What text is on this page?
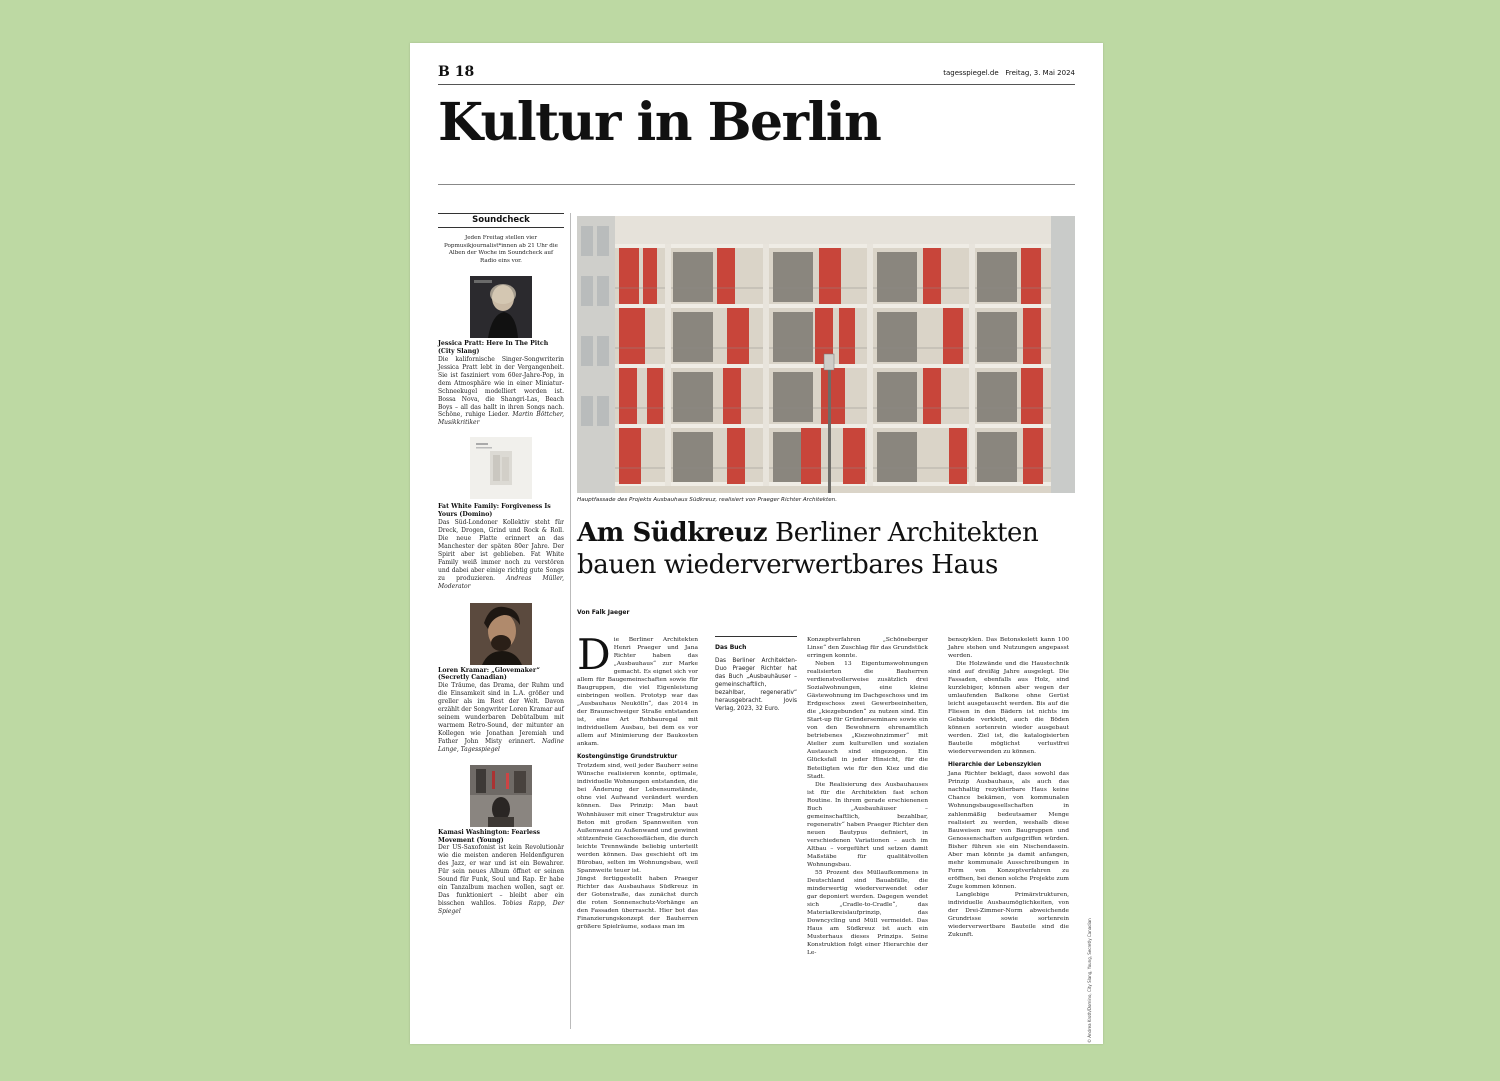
B 18	tagesspiegel.de Freitag, 3. Mai 2024
Kultur in Berlin
Soundcheck
Jeden Freitag stellen vier Popmusikjournalist*innen ab 21 Uhr die Alben der Woche im Soundcheck auf Radio eins vor.

Jessica Pratt: Here In The Pitch (City Slang)

Die kalifornische Singer-Songwriterin Jessica Pratt lebt in der Vergangenheit. Sie ist fasziniert vom 60er-Jahre-Pop, in dem Atmosphäre wie in einer Miniatur-Schneekugel modelliert worden ist. Bossa Nova, die Shangri-Las, Beach Boys – all das hallt in ihren Songs nach. Schöne, ruhige Lieder. Martin Böttcher, Musikkritiker

Fat White Family: Forgiveness Is Yours (Domino)

Das Süd-Londoner Kollektiv steht für Dreck, Drogen, Grind und Rock & Roll. Die neue Platte erinnert an das Manchester der späten 80er Jahre. Der Spirit aber ist geblieben. Fat White Family weiß immer noch zu verstören und dabei aber einige richtig gute Songs zu produzieren. Andreas Müller, Moderator

Loren Kramar: „Glovemaker“ (Secretly Canadian)

Die Träume, das Drama, der Ruhm und die Einsamkeit sind in L.A. größer und greller als im Rest der Welt. Davon erzählt der Songwriter Loren Kramar auf seinem wunderbaren Debütalbum mit warmem Retro-Sound, der mitunter an Kollegen wie Jonathan Jeremiah und Father John Misty erinnert. Nadine Lange, Tagesspiegel

Kamasi Washington: Fearless Movement (Young)

Der US-Saxofonist ist kein Revolutionär wie die meisten anderen Heldenfiguren des Jazz, er war und ist ein Bewahrer. Für sein neues Album öffnet er seinen Sound für Funk, Soul und Rap. Er habe ein Tanzalbum machen wollen, sagt er. Das funktioniert – bleibt aber ein bisschen wahllos. Tobias Rapp, Der Spiegel

Hauptfassade des Projekts Ausbauhaus Südkreuz, realisiert von Praeger Richter Architekten.
Am Südkreuz Berliner Architekten bauen wiederverwertbares Haus
Von Falk Jaeger

Die Berliner Architekten Henri Praeger und Jana Richter haben das „Ausbauhaus“ zur Marke gemacht. Es eignet sich vor allem für Baugemeinschaften sowie für Baugruppen, die viel Eigenleistung einbringen wollen. Prototyp war das „Ausbauhaus Neukölln“, das 2014 in der Braunschweiger Straße entstanden ist, eine Art Rohbauregal mit individuellem Ausbau, bei dem es vor allem auf Minimierung der Baukosten ankam.

Kostengünstige Grundstruktur

Trotzdem sind, weil jeder Bauherr seine Wünsche realisieren konnte, optimale, individuelle Wohnungen entstanden, die bei Änderung der Lebensumstände, ohne viel Aufwand verändert werden können. Das Prinzip: Man baut Wohnhäuser mit einer Tragstruktur aus Beton mit großen Spannweiten von Außenwand zu Außenwand und gewinnt stützenfreie Geschossflächen, die durch leichte Trennwände beliebig unterteilt werden können. Das geschieht oft im Bürobau, selten im Wohnungsbau, weil Spannweite teuer ist.

Jüngst fertiggestellt haben Praeger Richter das Ausbauhaus Südkreuz in der Gotenstraße, das zunächst durch die roten Sonnenschutz-Vorhänge an den Fassaden überrascht. Hier bot das Finanzierungskonzept der Bauherren größere Spielräume, sodass man im

Das Buch
Das Berliner Architekten-Duo Praeger Richter hat das Buch „Ausbauhäuser – gemeinschaftlich, bezahlbar, regenerativ“ herausgebracht. Jovis Verlag, 2023, 32 Euro.

Konzeptverfahren „Schöneberger Linse“ den Zuschlag für das Grundstück erringen konnte.

Neben 13 Eigentumswohnungen realisierten die Bauherren verdienstvollerweise zusätzlich drei Sozialwohnungen, eine kleine Gästewohnung im Dachgeschoss und im Erdgeschoss zwei Gewerbeeinheiten, die „kiezgebunden“ zu nutzen sind. Ein Start-up für Gründerseminare sowie ein von den Bewohnern ehrenamtlich betriebenes „Kiezwohnzimmer“ mit Atelier zum kulturellen und sozialen Austausch sind eingezogen. Ein Glücksfall in jeder Hinsicht, für die Beteiligten wie für den Kiez und die Stadt.

Die Realisierung des Ausbauhauses ist für die Architekten fast schon Routine. In ihrem gerade erschienenen Buch „Ausbauhäuser – gemeinschaftlich, bezahlbar, regenerativ“ haben Praeger Richter den neuen Bautypus definiert, in verschiedenen Variationen – auch im Altbau – vorgeführt und setzen damit Maßstäbe für qualitätvollen Wohnungsbau.

55 Prozent des Müllaufkommens in Deutschland sind Bauabfälle, die minderwertig wiederverwendet oder gar deponiert werden. Dagegen wendet sich „Cradle-to-Cradle“, das Materialkreislaufprinzip, das Downcycling und Müll vermeidet. Das Haus am Südkreuz ist auch ein Musterhaus dieses Prinzips. Seine Konstruktion folgt einer Hierarchie der Le-

benszyklen. Das Betonskelett kann 100 Jahre stehen und Nutzungen angepasst werden.

Die Holzwände und die Haustechnik sind auf dreißig Jahre ausgelegt. Die Fassaden, ebenfalls aus Holz, sind kurzlebiger, können aber wegen der umlaufenden Balkone ohne Gerüst leicht ausgetauscht werden. Bis auf die Fliesen in den Bädern ist nichts im Gebäude verklebt, auch die Böden können sortenrein wieder ausgebaut werden. Ziel ist, die katalogisierten Bauteile möglichst verlustfrei wiederverwenden zu können.

Hierarchie der Lebenszyklen

Jana Richter beklagt, dass sowohl das Prinzip Ausbauhaus, als auch das nachhaltig rezyklierbare Haus keine Chance bekämen, von kommunalen Wohnungsbaugesellschaften in zahlenmäßig bedeutsamer Menge realisiert zu werden, weshalb diese Bauweisen nur von Baugruppen und Genossenschaften aufgegriffen würden. Bisher führen sie ein Nischendasein. Aber man könnte ja damit anfangen, mehr kommunale Ausschreibungen in Form von Konzeptverfahren zu eröffnen, bei denen solche Projekte zum Zuge kommen können.

Langlebige Primärstrukturen, individuelle Ausbaumöglichkeiten, von der Drei-Zimmer-Norm abweichende Grundrisse sowie sortenrein wiederverwertbare Bauteile sind die Zukunft.	© Andrea Kroth/Domino, City Slang, Young, Secretly Canadian
